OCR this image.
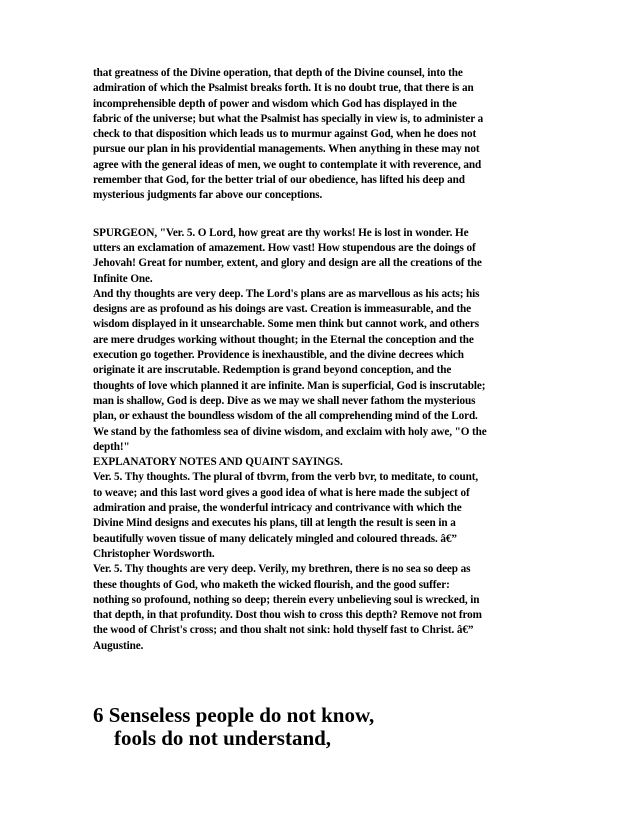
that greatness of the Divine operation, that depth of the Divine counsel, into the
admiration of which the Psalmist breaks forth. It is no doubt true, that there is an
incomprehensible depth of power and wisdom which God has displayed in the
fabric of the universe; but what the Psalmist has specially in view is, to administer a
check to that disposition which leads us to murmur against God, when he does not
pursue our plan in his providential managements. When anything in these may not
agree with the general ideas of men, we ought to contemplate it with reverence, and
remember that God, for the better trial of our obedience, has lifted his deep and
mysterious judgments far above our conceptions.

SPURGEON, "Ver. 5. O Lord, how great are thy works! He is lost in wonder. He
utters an exclamation of amazement. How vast! How stupendous are the doings of
Jehovah! Great for number, extent, and glory and design are all the creations of the
Infinite One.
And thy thoughts are very deep. The Lord's plans are as marvellous as his acts; his
designs are as profound as his doings are vast. Creation is immeasurable, and the
wisdom displayed in it unsearchable. Some men think but cannot work, and others
are mere drudges working without thought; in the Eternal the conception and the
execution go together. Providence is inexhaustible, and the divine decrees which
originate it are inscrutable. Redemption is grand beyond conception, and the
thoughts of love which planned it are infinite. Man is superficial, God is inscrutable;
man is shallow, God is deep. Dive as we may we shall never fathom the mysterious
plan, or exhaust the boundless wisdom of the all comprehending mind of the Lord.
We stand by the fathomless sea of divine wisdom, and exclaim with holy awe, "O the
depth!"
EXPLANATORY NOTES AND QUAINT SAYINGS.
Ver. 5. Thy thoughts. The plural of tbvrm, from the verb bvr, to meditate, to count,
to weave; and this last word gives a good idea of what is here made the subject of
admiration and praise, the wonderful intricacy and contrivance with which the
Divine Mind designs and executes his plans, till at length the result is seen in a
beautifully woven tissue of many delicately mingled and coloured threads. â€”
Christopher Wordsworth.
Ver. 5. Thy thoughts are very deep. Verily, my brethren, there is no sea so deep as
these thoughts of God, who maketh the wicked flourish, and the good suffer:
nothing so profound, nothing so deep; therein every unbelieving soul is wrecked, in
that depth, in that profundity. Dost thou wish to cross this depth? Remove not from
the wood of Christ's cross; and thou shalt not sink: hold thyself fast to Christ. â€”
Augustine.

6 Senseless people do not know,
fools do not understand,
